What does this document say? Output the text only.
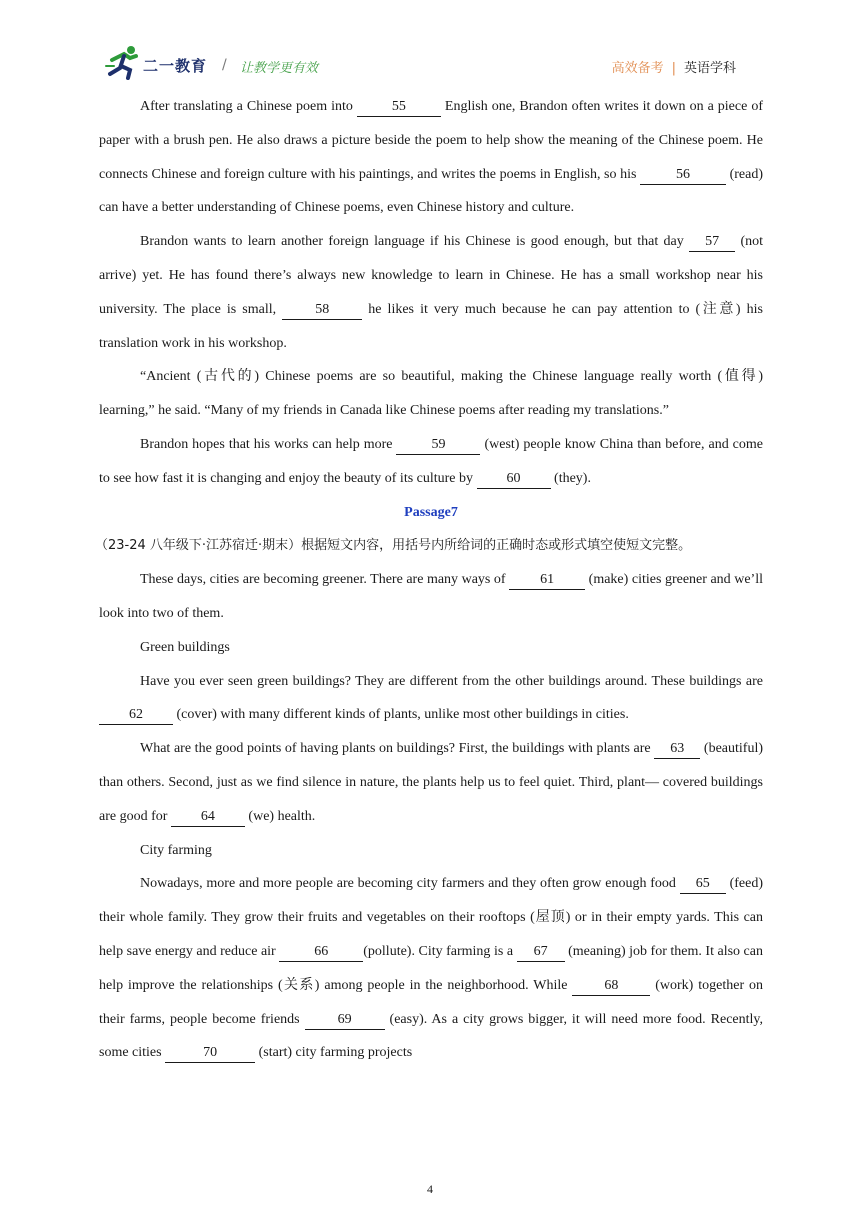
二一教育 / 让教学更有效	高效备考 | 英语学科

After translating a Chinese poem into	55	English one, Brandon often writes it down on a piece of paper with a brush pen. He also draws a picture beside the poem to help show the meaning of the Chinese poem. He connects Chinese and foreign culture with his paintings, and writes the poems in English, so his	56	(read) can have a better understanding of Chinese poems, even Chinese history and culture.

Brandon wants to learn another foreign language if his Chinese is good enough, but that day 57 (not arrive) yet. He has found there’s always new knowledge to learn in Chinese. He has a small workshop near his university. The place is small, 58 he likes it very much because he can pay attention to (注意) his translation work in his workshop.

“Ancient (古代的) Chinese poems are so beautiful, making the Chinese language really worth (值得) learning,” he said. “Many of my friends in Canada like Chinese poems after reading my translations.”

Brandon hopes that his works can help more	59	(west) people know China than before, and come to see how fast it is changing and enjoy the beauty of its culture by 60 (they).

Passage7

（23-24 八年级下·江苏宿迁·期末）根据短文内容，用括号内所给词的正确时态或形式填空使短文完整。

These days, cities are becoming greener. There are many ways of 61 (make) cities greener and we’ll look into two of them.

Green buildings

Have you ever seen green buildings? They are different from the other buildings around. These buildings are 62 (cover) with many different kinds of plants, unlike most other buildings in cities.

What are the good points of having plants on buildings? First, the buildings with plants are 63 (beautiful) than others. Second, just as we find silence in nature, the plants help us to feel quiet. Third, plant— covered buildings are good for 64 (we) health.

City farming

Nowadays, more and more people are becoming city farmers and they often grow enough food 65 (feed) their whole family. They grow their fruits and vegetables on their rooftops (屋顶) or in their empty yards. This can help save energy and reduce air	66	(pollute). City farming is a 67 (meaning) job for them. It also can help improve the relationships (关系) among people in the neighborhood. While 68 (work) together on their farms, people become friends 69 (easy). As a city grows bigger, it will need more food. Recently, some cities	70	(start) city farming projects

4
